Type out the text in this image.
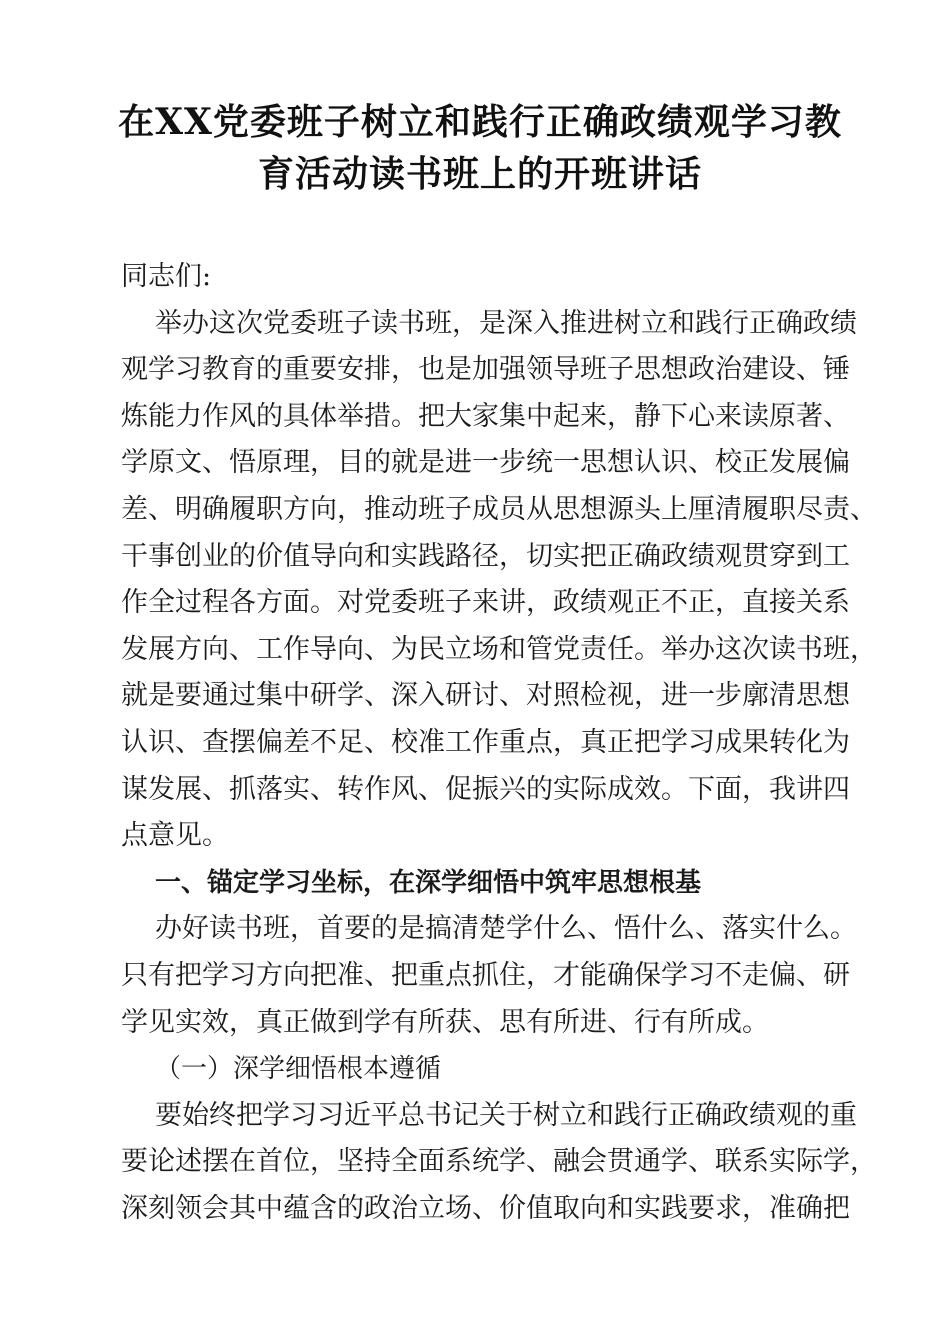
在XX党委班子树立和践行正确政绩观学习教
育活动读书班上的开班讲话
同志们:
举办这次党委班子读书班，是深入推进树立和践行正确政绩
观学习教育的重要安排，也是加强领导班子思想政治建设、锤
炼能力作风的具体举措。把大家集中起来，静下心来读原著、
学原文、悟原理，目的就是进一步统一思想认识、校正发展偏
差、明确履职方向，推动班子成员从思想源头上厘清履职尽责、
干事创业的价值导向和实践路径，切实把正确政绩观贯穿到工
作全过程各方面。对党委班子来讲，政绩观正不正，直接关系
发展方向、工作导向、为民立场和管党责任。举办这次读书班，
就是要通过集中研学、深入研讨、对照检视，进一步廓清思想
认识、查摆偏差不足、校准工作重点，真正把学习成果转化为
谋发展、抓落实、转作风、促振兴的实际成效。下面，我讲四
点意见。
一、锚定学习坐标，在深学细悟中筑牢思想根基
办好读书班，首要的是搞清楚学什么、悟什么、落实什么。
只有把学习方向把准、把重点抓住，才能确保学习不走偏、研
学见实效，真正做到学有所获、思有所进、行有所成。
（一）深学细悟根本遵循
要始终把学习习近平总书记关于树立和践行正确政绩观的重
要论述摆在首位，坚持全面系统学、融会贯通学、联系实际学，
深刻领会其中蕴含的政治立场、价值取向和实践要求，准确把
